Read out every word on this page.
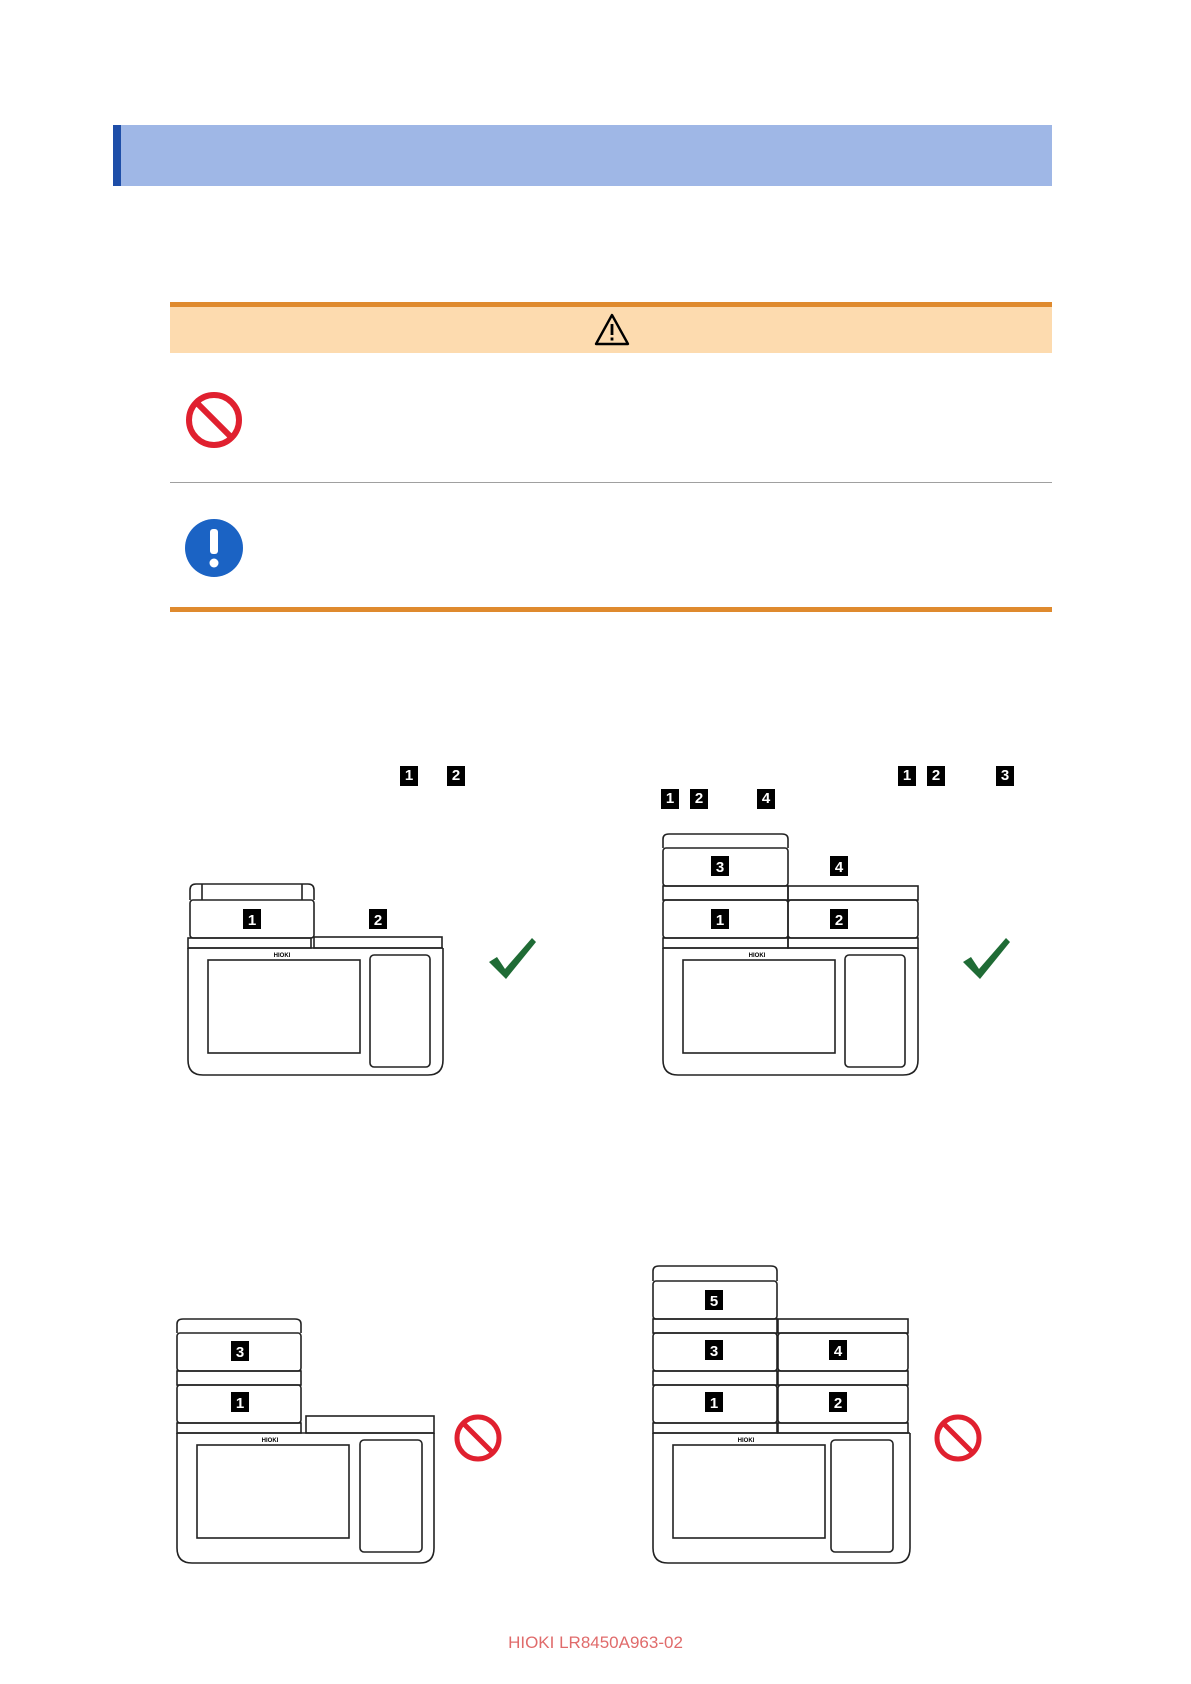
1	2	1	2	3
1	2	4
HIOKI
1	2
HIOKI
3	4
1	2
HIOKI
3
1
HIOKI
5
3	4
1	2
HIOKI LR8450A963-02
